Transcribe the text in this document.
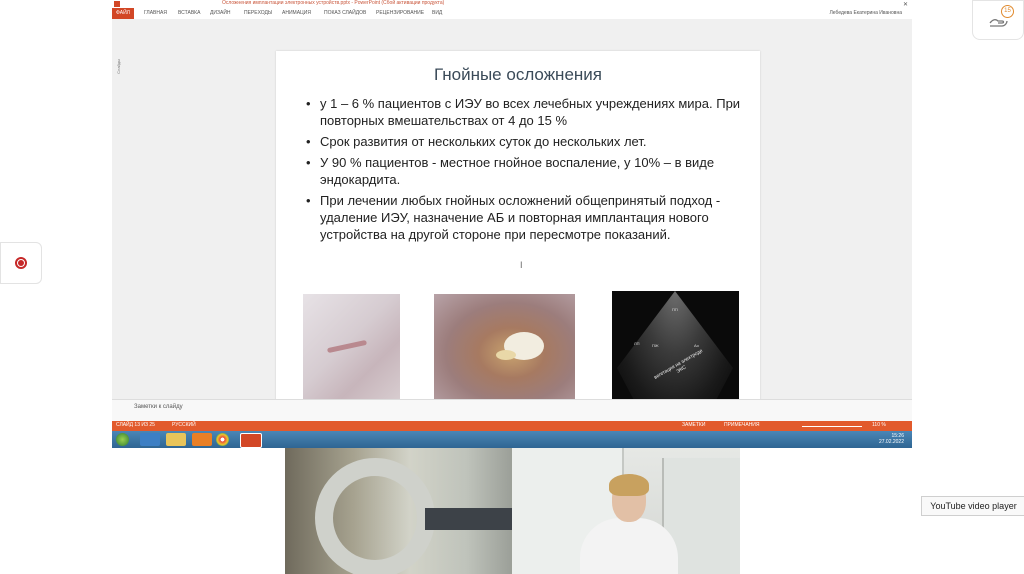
Осложнения имплантации электронных устройств.pptx - PowerPoint (Сбой активации продукта)	✕
ФАЙЛ	ГЛАВНАЯ ВСТАВКА ДИЗАЙН	ПЕРЕХОДЫ АНИМАЦИЯ	ПОКАЗ СЛАЙДОВ РЕЦЕНЗИРОВАНИЕ ВИД	Лебедева Екатерина Ивановна
Слайды	Гнойные осложнения
• у 1 – 6 % пациентов с ИЭУ во всех лечебных учреждениях мира. При повторных вмешательствах от 4 до 15 %
• Срок развития от нескольких суток до нескольких лет.
• У 90 % пациентов - местное гнойное воспаление, у 10% – в виде эндокардита.
• При лечении любых гнойных осложнений общепринятый подход - удаление ИЭУ, назначение АБ и повторная имплантация нового устройства на другой стороне при пересмотре показаний.
ПП
ЛП	ПЖ	Ао
вегетация на электроде ЭКС
Заметки к слайду
СЛАЙД 13 ИЗ 25	РУССКИЙ	ЗАМЕТКИ	ПРИМЕЧАНИЯ	110 %
15:26
27.02.2022
I
15
YouTube video player
